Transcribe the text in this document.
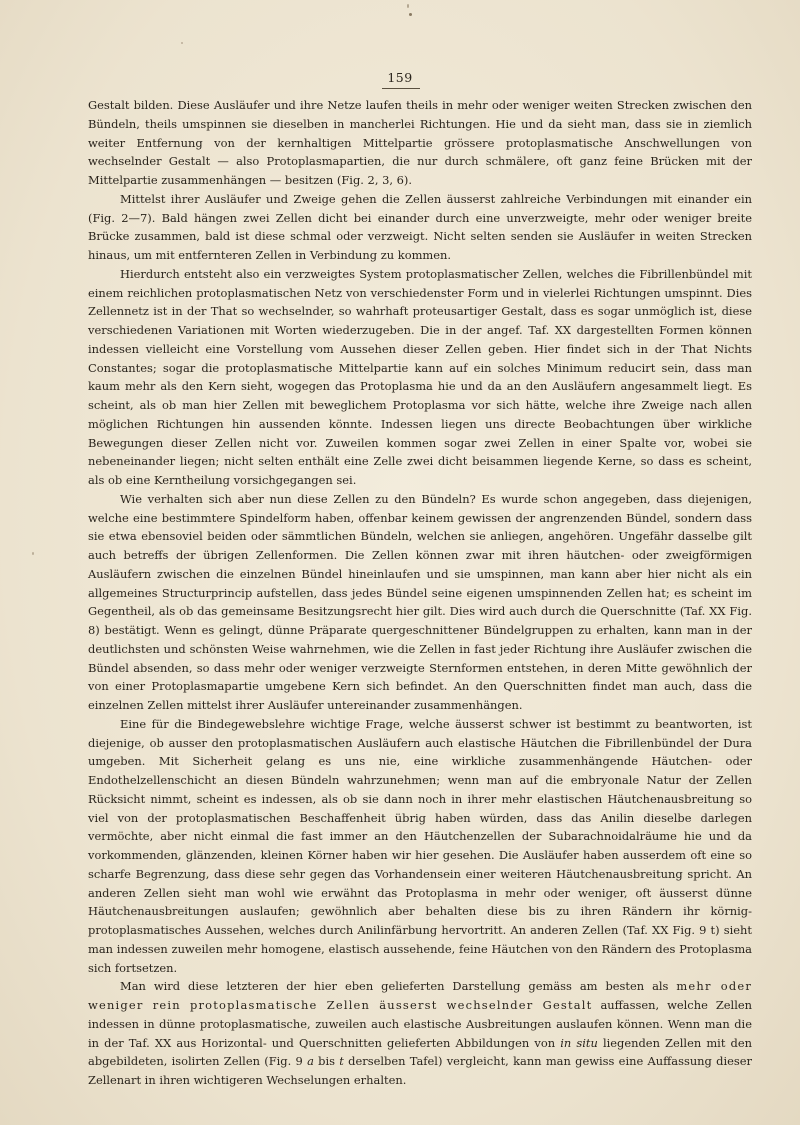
159

Gestalt bilden. Diese Ausläufer und ihre Netze laufen theils in mehr oder weniger weiten Strecken zwischen den Bündeln, theils umspinnen sie dieselben in mancherlei Richtungen. Hie und da sieht man, dass sie in ziemlich weiter Entfernung von der kernhaltigen Mittelpartie grössere protoplasmatische Anschwellungen von wechselnder Gestalt — also Protoplasmapartien, die nur durch schmälere, oft ganz feine Brücken mit der Mittelpartie zusammenhängen — besitzen (Fig. 2, 3, 6).

Mittelst ihrer Ausläufer und Zweige gehen die Zellen äusserst zahlreiche Verbindungen mit einander ein (Fig. 2—7). Bald hängen zwei Zellen dicht bei einander durch eine unverzweigte, mehr oder weniger breite Brücke zusammen, bald ist diese schmal oder verzweigt. Nicht selten senden sie Ausläufer in weiten Strecken hinaus, um mit entfernteren Zellen in Verbindung zu kommen.

Hierdurch entsteht also ein verzweigtes System protoplasmatischer Zellen, welches die Fibrillenbündel mit einem reichlichen protoplasmatischen Netz von verschiedenster Form und in vielerlei Richtungen umspinnt. Dies Zellennetz ist in der That so wechselnder, so wahrhaft proteusartiger Gestalt, dass es sogar unmöglich ist, diese verschiedenen Variationen mit Worten wiederzugeben. Die in der angef. Taf. XX dargestellten Formen können indessen vielleicht eine Vorstellung vom Aussehen dieser Zellen geben. Hier findet sich in der That Nichts Constantes; sogar die protoplasmatische Mittelpartie kann auf ein solches Minimum reducirt sein, dass man kaum mehr als den Kern sieht, wogegen das Protoplasma hie und da an den Ausläufern angesammelt liegt. Es scheint, als ob man hier Zellen mit beweglichem Protoplasma vor sich hätte, welche ihre Zweige nach allen möglichen Richtungen hin aussenden könnte. Indessen liegen uns directe Beobachtungen über wirkliche Bewegungen dieser Zellen nicht vor. Zuweilen kommen sogar zwei Zellen in einer Spalte vor, wobei sie nebeneinander liegen; nicht selten enthält eine Zelle zwei dicht beisammen liegende Kerne, so dass es scheint, als ob eine Kerntheilung vorsichgegangen sei.

Wie verhalten sich aber nun diese Zellen zu den Bündeln? Es wurde schon angegeben, dass diejenigen, welche eine bestimmtere Spindelform haben, offenbar keinem gewissen der angrenzenden Bündel, sondern dass sie etwa ebensoviel beiden oder sämmtlichen Bündeln, welchen sie anliegen, angehören. Ungefähr dasselbe gilt auch betreffs der übrigen Zellenformen. Die Zellen können zwar mit ihren häutchen- oder zweigförmigen Ausläufern zwischen die einzelnen Bündel hineinlaufen und sie umspinnen, man kann aber hier nicht als ein allgemeines Structurprincip aufstellen, dass jedes Bündel seine eigenen umspinnenden Zellen hat; es scheint im Gegentheil, als ob das gemeinsame Besitzungsrecht hier gilt. Dies wird auch durch die Querschnitte (Taf. XX Fig. 8) bestätigt. Wenn es gelingt, dünne Präparate quergeschnittener Bündelgruppen zu erhalten, kann man in der deutlichsten und schönsten Weise wahrnehmen, wie die Zellen in fast jeder Richtung ihre Ausläufer zwischen die Bündel absenden, so dass mehr oder weniger verzweigte Sternformen entstehen, in deren Mitte gewöhnlich der von einer Protoplasmapartie umgebene Kern sich befindet. An den Querschnitten findet man auch, dass die einzelnen Zellen mittelst ihrer Ausläufer untereinander zusammenhängen.

Eine für die Bindegewebslehre wichtige Frage, welche äusserst schwer ist bestimmt zu beantworten, ist diejenige, ob ausser den protoplasmatischen Ausläufern auch elastische Häutchen die Fibrillenbündel der Dura umgeben. Mit Sicherheit gelang es uns nie, eine wirkliche zusammenhängende Häutchen- oder Endothelzellenschicht an diesen Bündeln wahrzunehmen; wenn man auf die embryonale Natur der Zellen Rücksicht nimmt, scheint es indessen, als ob sie dann noch in ihrer mehr elastischen Häutchenausbreitung so viel von der protoplasmatischen Beschaffenheit übrig haben würden, dass das Anilin dieselbe darlegen vermöchte, aber nicht einmal die fast immer an den Häutchenzellen der Subarachnoidalräume hie und da vorkommenden, glänzenden, kleinen Körner haben wir hier gesehen. Die Ausläufer haben ausserdem oft eine so scharfe Begrenzung, dass diese sehr gegen das Vorhandensein einer weiteren Häutchenausbreitung spricht. An anderen Zellen sieht man wohl wie erwähnt das Protoplasma in mehr oder weniger, oft äusserst dünne Häutchenausbreitungen auslaufen; gewöhnlich aber behalten diese bis zu ihren Rändern ihr körnig-protoplasmatisches Aussehen, welches durch Anilinfärbung hervortritt. An anderen Zellen (Taf. XX Fig. 9 t) sieht man indessen zuweilen mehr homogene, elastisch aussehende, feine Häutchen von den Rändern des Protoplasma sich fortsetzen.

Man wird diese letzteren der hier eben gelieferten Darstellung gemäss am besten als mehr oder weniger rein protoplasmatische Zellen äusserst wechselnder Gestalt auffassen, welche Zellen indessen in dünne protoplasmatische, zuweilen auch elastische Ausbreitungen auslaufen können. Wenn man die in der Taf. XX aus Horizontal- und Querschnitten gelieferten Abbildungen von in situ liegenden Zellen mit den abgebildeten, isolirten Zellen (Fig. 9 a bis t derselben Tafel) vergleicht, kann man gewiss eine Auffassung dieser Zellenart in ihren wichtigeren Wechselungen erhalten.
